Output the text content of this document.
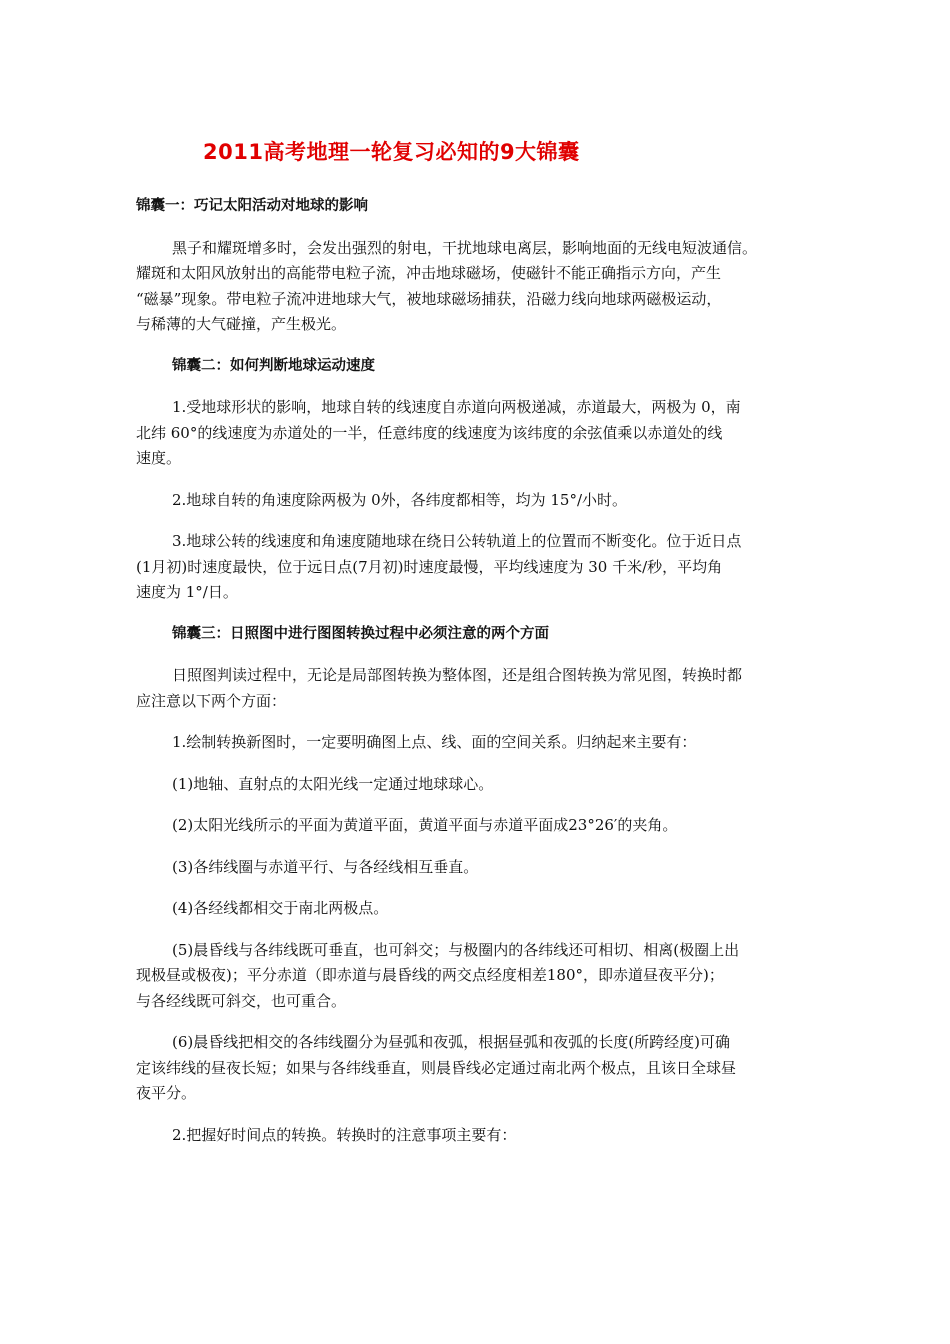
2011高考地理一轮复习必知的9大锦囊
锦囊一：巧记太阳活动对地球的影响
黑子和耀斑增多时，会发出强烈的射电，干扰地球电离层，影响地面的无线电短波通信。
耀斑和太阳风放射出的高能带电粒子流，冲击地球磁场，使磁针不能正确指示方向，产生
“磁暴”现象。带电粒子流冲进地球大气，被地球磁场捕获，沿磁力线向地球两磁极运动，
与稀薄的大气碰撞，产生极光。
锦囊二：如何判断地球运动速度
1.受地球形状的影响，地球自转的线速度自赤道向两极递减，赤道最大，两极为 0，南
北纬 60°的线速度为赤道处的一半，任意纬度的线速度为该纬度的余弦值乘以赤道处的线
速度。
2.地球自转的角速度除两极为 0外，各纬度都相等，均为 15°/小时。
3.地球公转的线速度和角速度随地球在绕日公转轨道上的位置而不断变化。位于近日点
(1月初)时速度最快，位于远日点(7月初)时速度最慢，平均线速度为 30 千米/秒，平均角
速度为 1°/日。
锦囊三：日照图中进行图图转换过程中必须注意的两个方面
日照图判读过程中，无论是局部图转换为整体图，还是组合图转换为常见图，转换时都
应注意以下两个方面：
1.绘制转换新图时，一定要明确图上点、线、面的空间关系。归纳起来主要有：
(1)地轴、直射点的太阳光线一定通过地球球心。
(2)太阳光线所示的平面为黄道平面，黄道平面与赤道平面成23°26′的夹角。
(3)各纬线圈与赤道平行、与各经线相互垂直。
(4)各经线都相交于南北两极点。
(5)晨昏线与各纬线既可垂直，也可斜交；与极圈内的各纬线还可相切、相离(极圈上出
现极昼或极夜)；平分赤道（即赤道与晨昏线的两交点经度相差180°，即赤道昼夜平分)；
与各经线既可斜交，也可重合。
(6)晨昏线把相交的各纬线圈分为昼弧和夜弧，根据昼弧和夜弧的长度(所跨经度)可确
定该纬线的昼夜长短；如果与各纬线垂直，则晨昏线必定通过南北两个极点，且该日全球昼
夜平分。
2.把握好时间点的转换。转换时的注意事项主要有：
